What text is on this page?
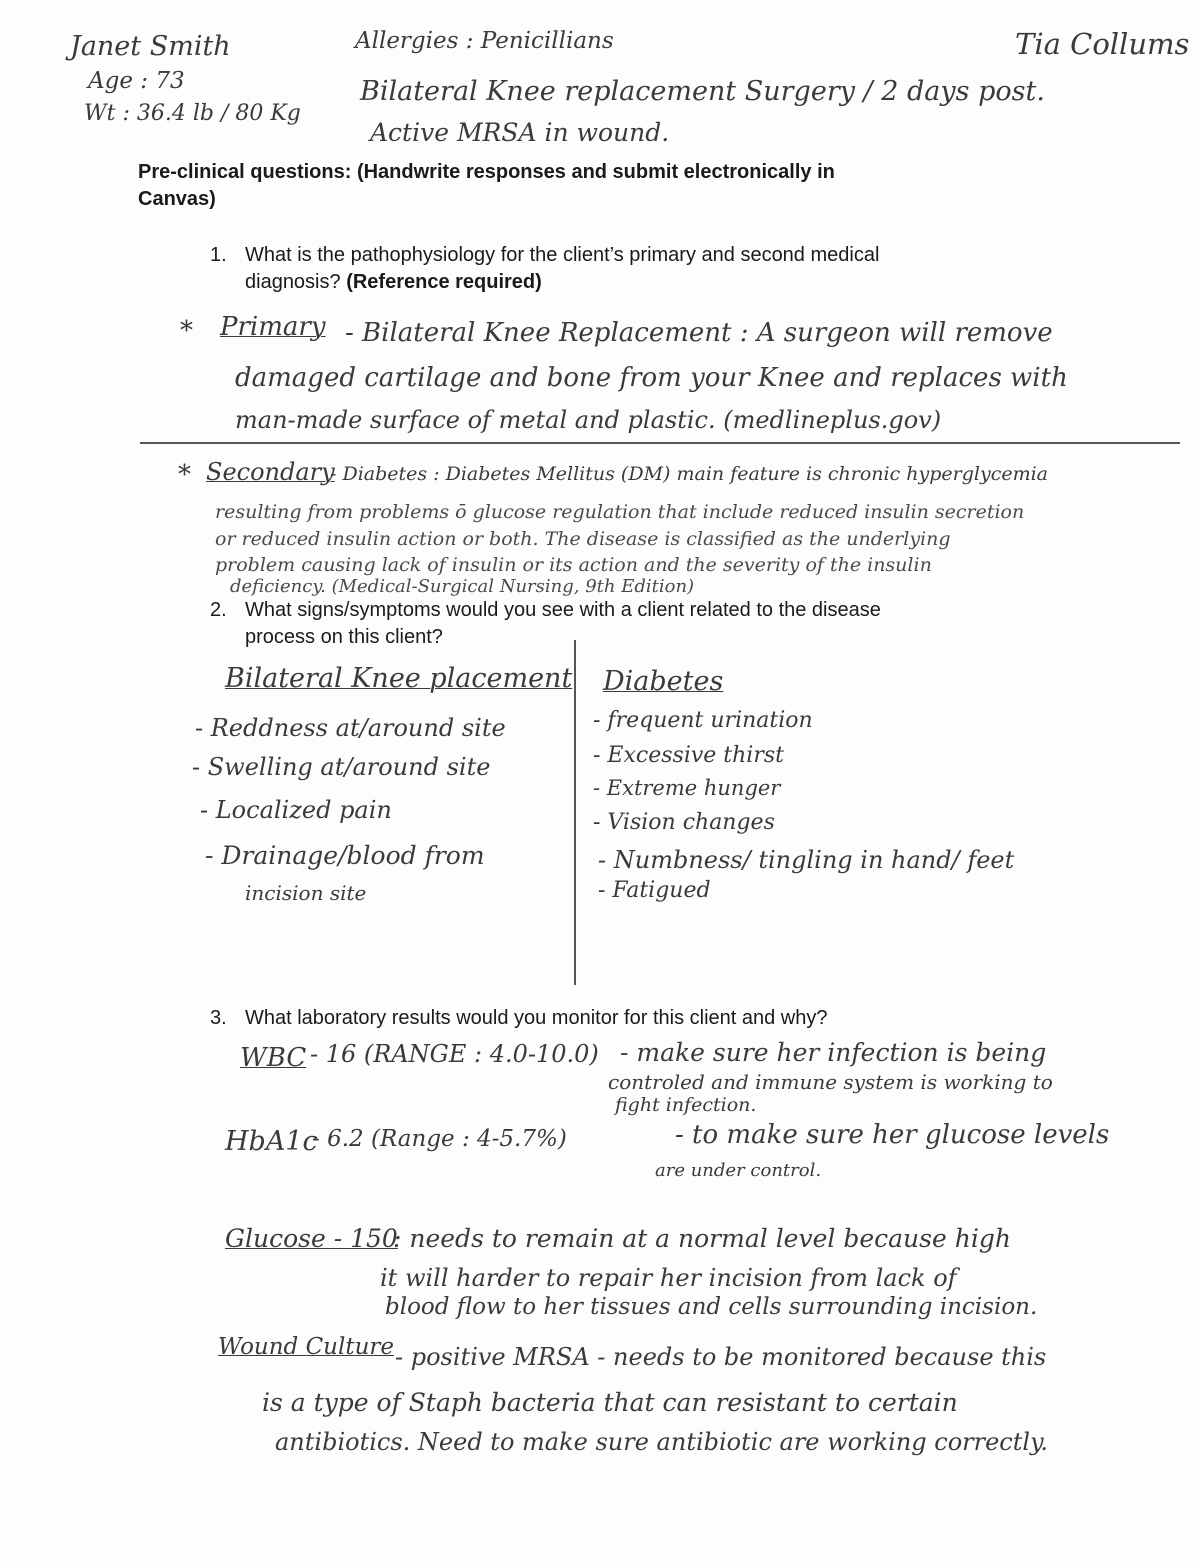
Janet Smith
Age : 73
Wt : 36.4 lb / 80 Kg
Allergies : Penicillians
Bilateral Knee replacement Surgery / 2 days post.
Active MRSA in wound.
Tia Collums
Pre-clinical questions: (Handwrite responses and submit electronically in
Canvas)
1. What is the pathophysiology for the client’s primary and second medical
diagnosis? (Reference required)
* Primary - Bilateral Knee Replacement : A surgeon will remove
damaged cartilage and bone from your Knee and replaces with
man-made surface of metal and plastic. (medlineplus.gov)
* Secondary
- Diabetes : Diabetes Mellitus (DM) main feature is chronic hyperglycemia
resulting from problems ō glucose regulation that include reduced insulin secretion
or reduced insulin action or both. The disease is classified as the underlying
problem causing lack of insulin or its action and the severity of the insulin
deficiency. (Medical-Surgical Nursing, 9th Edition)
2. What signs/symptoms would you see with a client related to the disease
process on this client?
Bilateral Knee placement
- Reddness at/around site
- Swelling at/around site
- Localized pain
- Drainage/blood from
incision site
Diabetes
- frequent urination
- Excessive thirst
- Extreme hunger
- Vision changes
- Numbness/ tingling in hand/ feet
- Fatigued
3. What laboratory results would you monitor for this client and why?
WBC - 16 (RANGE : 4.0-10.0) - make sure her infection is being
controled and immune system is working to
fight infection.
HbA1c
- 6.2 (Range : 4-5.7%)	- to make sure her glucose levels
are under control.
Glucose - 150
: needs to remain at a normal level because high
it will harder to repair her incision from lack of
blood flow to her tissues and cells surrounding incision.
Wound Culture - positive MRSA - needs to be monitored because this
is a type of Staph bacteria that can resistant to certain
antibiotics. Need to make sure antibiotic are working correctly.
